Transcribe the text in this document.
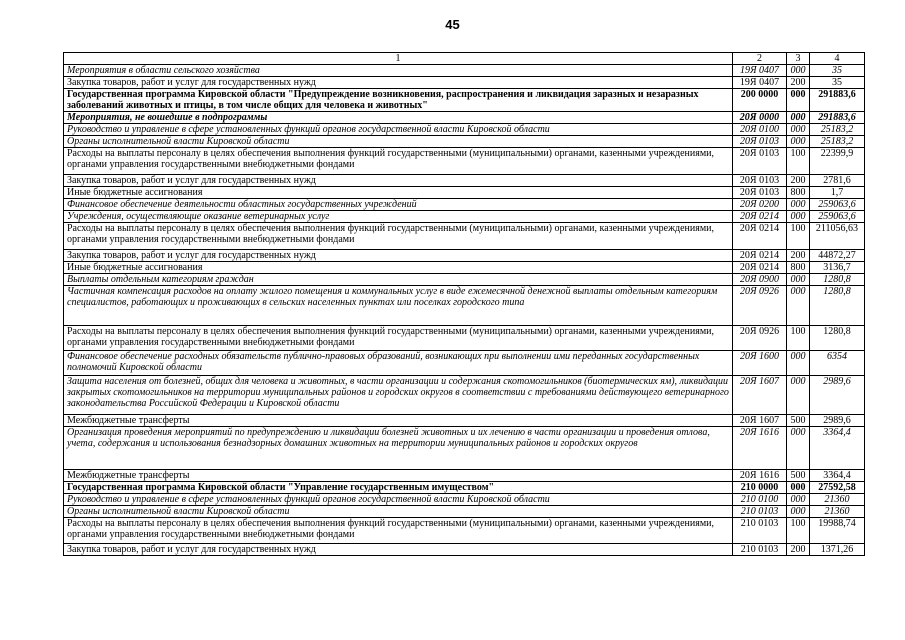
45
1	2	3	4
Мероприятия в области сельского хозяйства	19Я 0407	000	35
Закупка товаров, работ и услуг для государственных нужд	19Я 0407	200	35
Государственная программа Кировской области "Предупреждение возникновения, распространения и ликвидация заразных и незаразных заболеваний животных и птицы, в том числе общих для человека и животных"	200 0000	000	291883,6
Мероприятия, не вошедшие в подпрограммы	20Я 0000	000	291883,6
Руководство и управление в сфере установленных функций органов государственной власти Кировской области	20Я 0100	000	25183,2
Органы исполнительной власти Кировской области	20Я 0103	000	25183,2
Расходы на выплаты персоналу в целях обеспечения выполнения функций государственными (муниципальными) органами, казенными учреждениями, органами управления государственными внебюджетными фондами	20Я 0103	100	22399,9
Закупка товаров, работ и услуг для государственных нужд	20Я 0103	200	2781,6
Иные бюджетные ассигнования	20Я 0103	800	1,7
Финансовое обеспечение деятельности областных государственных учреждений	20Я 0200	000	259063,6
Учреждения, осуществляющие оказание ветеринарных услуг	20Я 0214	000	259063,6
Расходы на выплаты персоналу в целях обеспечения выполнения функций государственными (муниципальными) органами, казенными учреждениями, органами управления государственными внебюджетными фондами	20Я 0214	100	211056,63
Закупка товаров, работ и услуг для государственных нужд	20Я 0214	200	44872,27
Иные бюджетные ассигнования	20Я 0214	800	3136,7
Выплаты отдельным категориям граждан	20Я 0900	000	1280,8
Частичная компенсация расходов на оплату жилого помещения и коммунальных услуг в виде ежемесячной денежной выплаты отдельным категориям специалистов, работающих и проживающих в сельских населенных пунктах или поселках городского типа	20Я 0926	000	1280,8
Расходы на выплаты персоналу в целях обеспечения выполнения функций государственными (муниципальными) органами, казенными учреждениями, органами управления государственными внебюджетными фондами	20Я 0926	100	1280,8
Финансовое обеспечение расходных обязательств публично-правовых образований, возникающих при выполнении ими переданных государственных полномочий Кировской области	20Я 1600	000	6354
Защита населения от болезней, общих для человека и животных, в части организации и содержания скотомогильников (биотермических ям), ликвидации закрытых скотомогильников на территории муниципальных районов и городских округов в соответствии с требованиями действующего ветеринарного законодательства Российской Федерации и Кировской области	20Я 1607	000	2989,6
Межбюджетные трансферты	20Я 1607	500	2989,6
Организация проведения мероприятий по предупреждению и ликвидации болезней животных и их лечению в части организации и проведения отлова, учета, содержания и использования безнадзорных домашних животных на территории муниципальных районов и городских округов	20Я 1616	000	3364,4
Межбюджетные трансферты	20Я 1616	500	3364,4
Государственная программа Кировской области "Управление государственным имуществом"	210 0000	000	27592,58
Руководство и управление в сфере установленных функций органов государственной власти Кировской области	210 0100	000	21360
Органы исполнительной власти Кировской области	210 0103	000	21360
Расходы на выплаты персоналу в целях обеспечения выполнения функций государственными (муниципальными) органами, казенными учреждениями, органами управления государственными внебюджетными фондами	210 0103	100	19988,74
Закупка товаров, работ и услуг для государственных нужд	210 0103	200	1371,26
